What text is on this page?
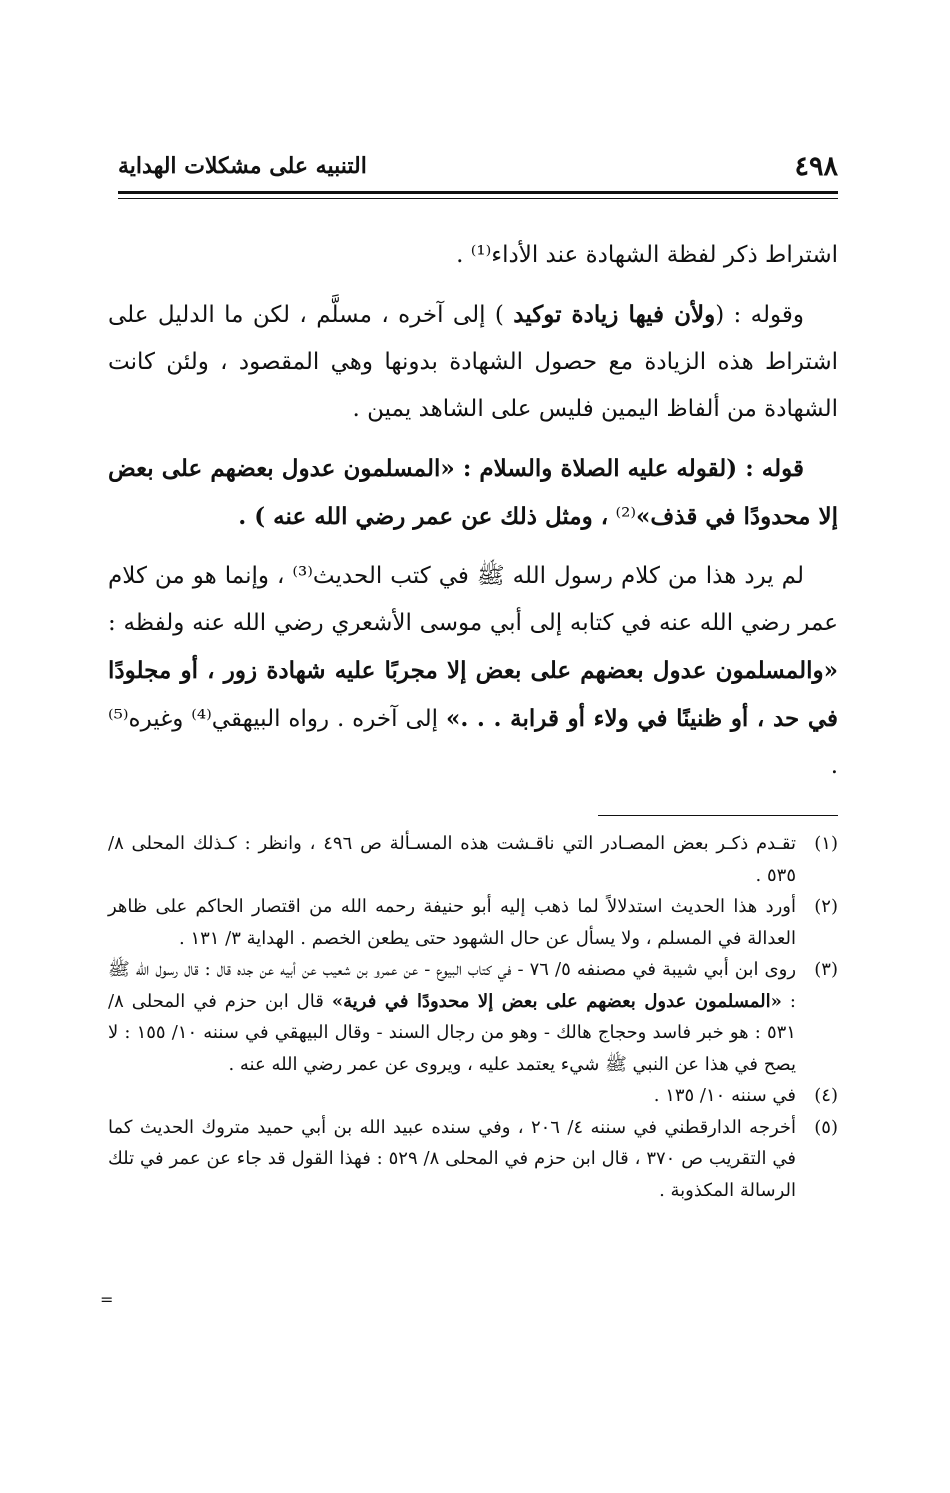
٤٩٨
التنبيه على مشكلات الهداية

اشتراط ذكر لفظة الشهادة عند الأداء⁽¹⁾ .

وقوله : (ولأن فيها زيادة توكيد ) إلى آخره ، مسلَّم ، لكن ما الدليل على اشتراط هذه الزيادة مع حصول الشهادة بدونها وهي المقصود ، ولئن كانت الشهادة من ألفاظ اليمين فليس على الشاهد يمين .

قوله : (لقوله عليه الصلاة والسلام : «المسلمون عدول بعضهم على بعض إلا محدودًا في قذف»⁽²⁾ ، ومثل ذلك عن عمر رضي الله عنه ) .

لم يرد هذا من كلام رسول الله ﷺ في كتب الحديث⁽³⁾ ، وإنما هو من كلام عمر رضي الله عنه في كتابه إلى أبي موسى الأشعري رضي الله عنه ولفظه : «والمسلمون عدول بعضهم على بعض إلا مجربًا عليه شهادة زور ، أو مجلودًا في حد ، أو ظنينًا في ولاء أو قرابة . . .» إلى آخره . رواه البيهقي⁽⁴⁾ وغيره⁽⁵⁾ .

(١)
تقـدم ذكـر بعض المصـادر التي ناقـشت هذه المسـألة ص ٤٩٦ ، وانظر : كـذلك المحلى ٨/ ٥٣٥ .
(٢)
أورد هذا الحديث استدلالاً لما ذهب إليه أبو حنيفة رحمه الله من اقتصار الحاكم على ظاهر العدالة في المسلم ، ولا يسأل عن حال الشهود حتى يطعن الخصم . الهداية ٣/ ١٣١ .
(٣)
روى ابن أبي شيبة في مصنفه ٥/ ٧٦ - في كتاب البيوع - عن عمرو بن شعيب عن أبيه عن جده قال : قال رسول الله ﷺ : «المسلمون عدول بعضهم على بعض إلا محدودًا في فرية» قال ابن حزم في المحلى ٨/ ٥٣١ : هو خبر فاسد وحجاج هالك - وهو من رجال السند - وقال البيهقي في سننه ١٠/ ١٥٥ : لا يصح في هذا عن النبي ﷺ شيء يعتمد عليه ، ويروى عن عمر رضي الله عنه .
(٤)
في سننه ١٠/ ١٣٥ .
(٥)
أخرجه الدارقطني في سننه ٤/ ٢٠٦ ، وفي سنده عبيد الله بن أبي حميد متروك الحديث كما في التقريب ص ٣٧٠ ، قال ابن حزم في المحلى ٨/ ٥٢٩ : فهذا القول قد جاء عن عمر في تلك الرسالة المكذوبة .
=
